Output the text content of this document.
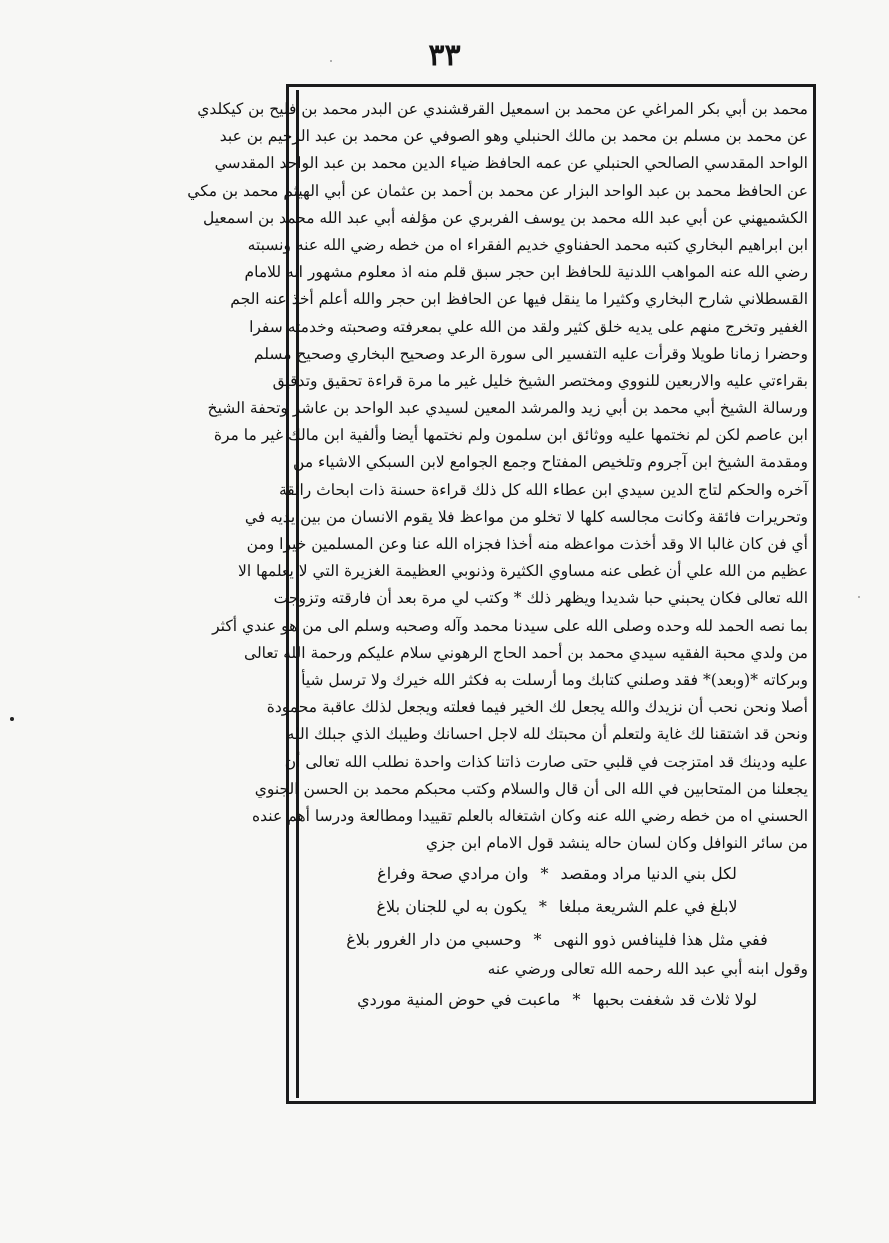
٣٣
محمد بن أبي بكر المراغي عن محمد بن اسمعيل القرقشندي عن البدر محمد بن فليح بن كيكلدي
عن محمد بن مسلم بن محمد بن مالك الحنبلي وهو الصوفي عن محمد بن عبد الرحيم بن عبد
الواحد المقدسي الصالحي الحنبلي عن عمه الحافظ ضياء الدين محمد بن عبد الواحد المقدسي
عن الحافظ محمد بن عبد الواحد البزار عن محمد بن أحمد بن عثمان عن أبي الهيثم محمد بن مكي
الكشميهني عن أبي عبد الله محمد بن يوسف الفربري عن مؤلفه أبي عبد الله محمد بن اسمعيل
ابن ابراهيم البخاري كتبه محمد الحفناوي خديم الفقراء اه من خطه رضي الله عنه ونسبته
رضي الله عنه المواهب اللدنية للحافظ ابن حجر سبق قلم منه اذ معلوم مشهور انه للامام
القسطلاني شارح البخاري وكثيرا ما ينقل فيها عن الحافظ ابن حجر والله أعلم أخذ عنه الجم
الغفير وتخرج منهم على يديه خلق كثير ولقد من الله علي بمعرفته وصحبته وخدمته سفرا
وحضرا زمانا طويلا وقرأت عليه التفسير الى سورة الرعد وصحيح البخاري وصحيح مسلم
بقراءتي عليه والاربعين للنووي ومختصر الشيخ خليل غير ما مرة قراءة تحقيق وتدقيق
ورسالة الشيخ أبي محمد بن أبي زيد والمرشد المعين لسيدي عبد الواحد بن عاشر وتحفة الشيخ
ابن عاصم لكن لم نختمها عليه ووثائق ابن سلمون ولم نختمها أيضا وألفية ابن مالك غير ما مرة
ومقدمة الشيخ ابن آجروم وتلخيص المفتاح وجمع الجوامع لابن السبكي الاشياء من
آخره والحكم لتاج الدين سيدي ابن عطاء الله كل ذلك قراءة حسنة ذات ابحاث رائقة
وتحريرات فائقة وكانت مجالسه كلها لا تخلو من مواعظ فلا يقوم الانسان من بين يديه في
أي فن كان غالبا الا وقد أخذت مواعظه منه أخذا فجزاه الله عنا وعن المسلمين خيرا ومن
عظيم من الله علي أن غطى عنه مساوي الكثيرة وذنوبي العظيمة الغزيرة التي لا يعلمها الا
الله تعالى فكان يحبني حبا شديدا ويظهر ذلك * وكتب لي مرة بعد أن فارقته وتزوجت
بما نصه الحمد لله وحده وصلى الله على سيدنا محمد وآله وصحبه وسلم الى من هو عندي أكثر
من ولدي محبة الفقيه سيدي محمد بن أحمد الحاج الرهوني سلام عليكم ورحمة الله تعالى
وبركاته *(وبعد)* فقد وصلني كتابك وما أرسلت به فكثر الله خيرك ولا ترسل شيأ
أصلا ونحن نحب أن نزيدك والله يجعل لك الخير فيما فعلته ويجعل لذلك عاقبة محمودة
ونحن قد اشتقنا لك غاية ولتعلم أن محبتك لله لاجل احسانك وطيبك الذي جبلك الله
عليه ودينك قد امتزجت في قلبي حتى صارت ذاتنا كذات واحدة نطلب الله تعالى أن
يجعلنا من المتحابين في الله الى أن قال والسلام وكتب محبكم محمد بن الحسن الجنوي
الحسني اه من خطه رضي الله عنه وكان اشتغاله بالعلم تقييدا ومطالعة ودرسا أهم عنده
من سائر النوافل وكان لسان حاله ينشد قول الامام ابن جزي
لكل بني الدنيا مراد ومقصد
*
وان مرادي صحة وفراغ
لابلغ في علم الشريعة مبلغا
*
يكون به لي للجنان بلاغ
ففي مثل هذا فلينافس ذوو النهى
*
وحسبي من دار الغرور بلاغ
وقول ابنه أبي عبد الله رحمه الله تعالى ورضي عنه
لولا ثلاث قد شغفت بحبها
*
ماعبت في حوض المنية موردي
